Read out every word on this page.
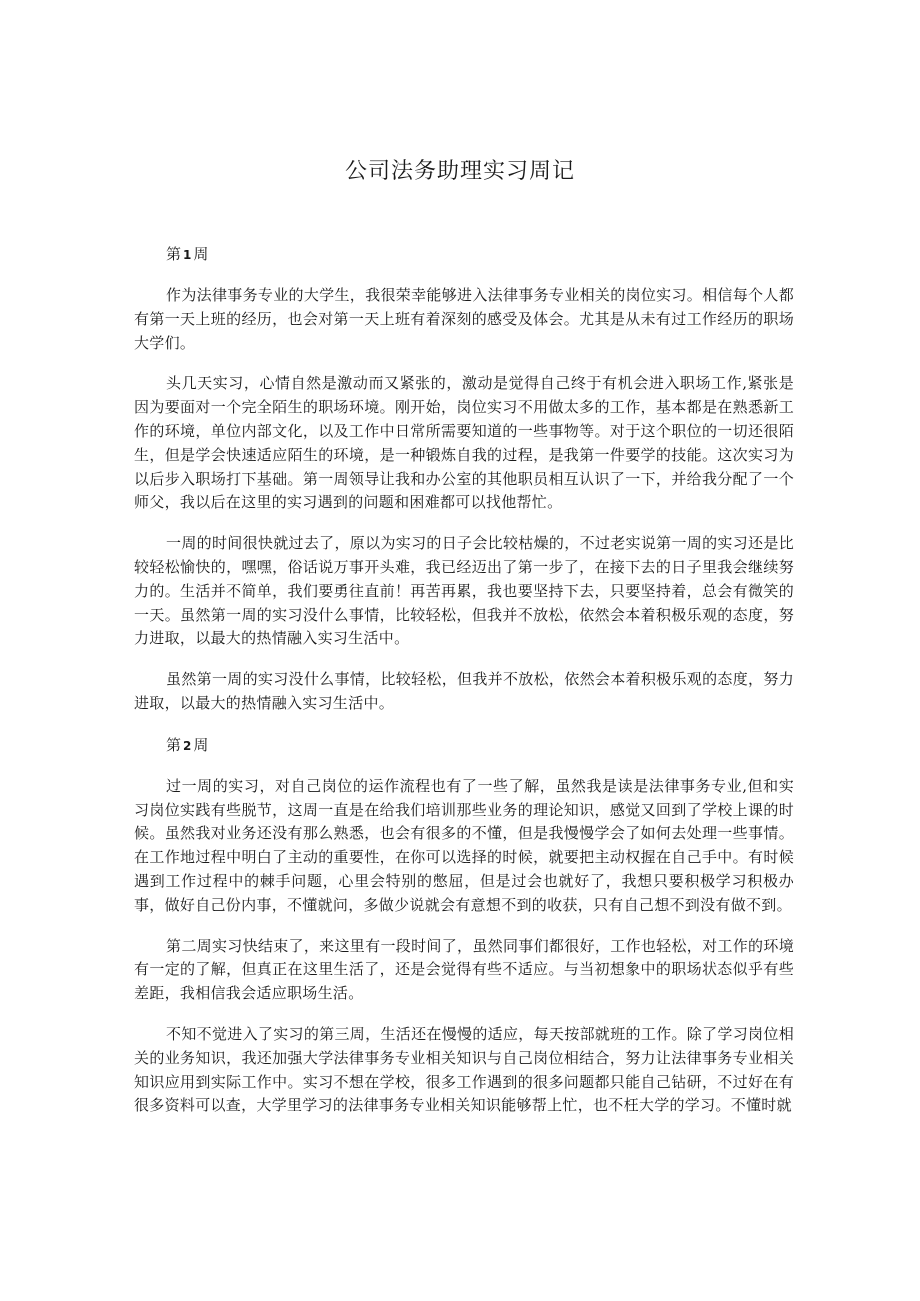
公司法务助理实习周记

第 1 周

作为法律事务专业的大学生，我很荣幸能够进入法律事务专业相关的岗位实习。相信每个人都有第一天上班的经历，也会对第一天上班有着深刻的感受及体会。尤其是从未有过工作经历的职场大学们。

头几天实习，心情自然是激动而又紧张的，激动是觉得自己终于有机会进入职场工作,紧张是因为要面对一个完全陌生的职场环境。刚开始，岗位实习不用做太多的工作，基本都是在熟悉新工作的环境，单位内部文化，以及工作中日常所需要知道的一些事物等。对于这个职位的一切还很陌生，但是学会快速适应陌生的环境，是一种锻炼自我的过程，是我第一件要学的技能。这次实习为以后步入职场打下基础。第一周领导让我和办公室的其他职员相互认识了一下，并给我分配了一个师父，我以后在这里的实习遇到的问题和困难都可以找他帮忙。

一周的时间很快就过去了，原以为实习的日子会比较枯燥的，不过老实说第一周的实习还是比较轻松愉快的，嘿嘿，俗话说万事开头难，我已经迈出了第一步了，在接下去的日子里我会继续努力的。生活并不简单，我们要勇往直前！再苦再累，我也要坚持下去，只要坚持着，总会有微笑的一天。虽然第一周的实习没什么事情，比较轻松，但我并不放松，依然会本着积极乐观的态度，努力进取，以最大的热情融入实习生活中。

虽然第一周的实习没什么事情，比较轻松，但我并不放松，依然会本着积极乐观的态度，努力进取，以最大的热情融入实习生活中。

第 2 周

过一周的实习，对自己岗位的运作流程也有了一些了解，虽然我是读是法律事务专业,但和实习岗位实践有些脱节，这周一直是在给我们培训那些业务的理论知识，感觉又回到了学校上课的时候。虽然我对业务还没有那么熟悉，也会有很多的不懂，但是我慢慢学会了如何去处理一些事情。在工作地过程中明白了主动的重要性，在你可以选择的时候，就要把主动权握在自己手中。有时候遇到工作过程中的棘手问题，心里会特别的憋屈，但是过会也就好了，我想只要积极学习积极办事，做好自己份内事，不懂就问，多做少说就会有意想不到的收获，只有自己想不到没有做不到。

第二周实习快结束了，来这里有一段时间了，虽然同事们都很好，工作也轻松，对工作的环境有一定的了解，但真正在这里生活了，还是会觉得有些不适应。与当初想象中的职场状态似乎有些差距，我相信我会适应职场生活。

不知不觉进入了实习的第三周，生活还在慢慢的适应，每天按部就班的工作。除了学习岗位相关的业务知识，我还加强大学法律事务专业相关知识与自己岗位相结合，努力让法律事务专业相关知识应用到实际工作中。实习不想在学校，很多工作遇到的很多问题都只能自己钻研，不过好在有很多资料可以查，大学里学习的法律事务专业相关知识能够帮上忙，也不枉大学的学习。不懂时就
